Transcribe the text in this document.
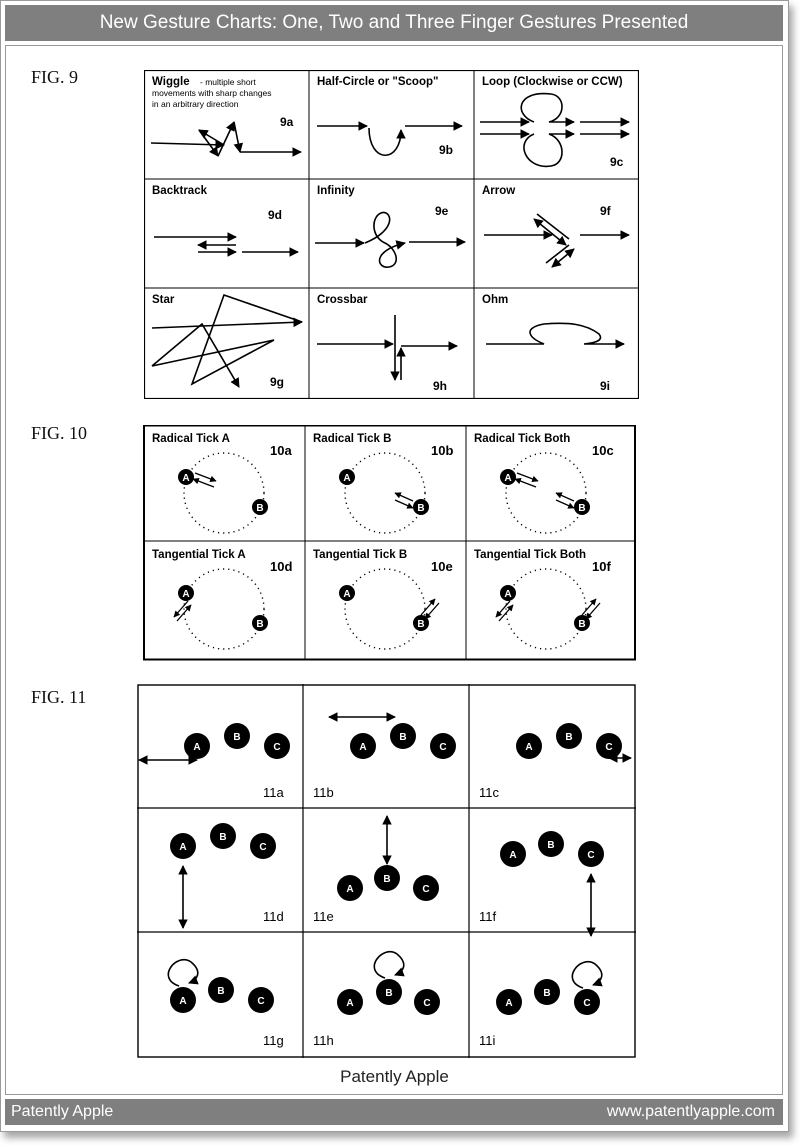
New Gesture Charts: One, Two and Three Finger Gestures Presented
FIG. 9
FIG. 10
FIG. 11
Wiggle - multiple short
movements with sharp changes
in an arbitrary direction
9a
Half-Circle or "Scoop"
9b
Loop (Clockwise or CCW)
9c
Backtrack
9d
Infinity
9e
Arrow
9f
Star
9g
Crossbar
9h
Ohm
9i
Radical Tick A
10a
A
B
Radical Tick B
10b
A
B
Radical Tick Both
10c
A
B
Tangential Tick A
10d
A
B
Tangential Tick B
10e
A
B
Tangential Tick Both
10f
A
B
11a
A
B
C
11b
A
B
C
11c
A
B
C
11d
A
B
C
11e
A
B
C
11f
A
B
C
11g
A
B
C
11h
A
B
C
11i
A
B
C
Patently Apple
Patently Apple	www.patentlyapple.com
